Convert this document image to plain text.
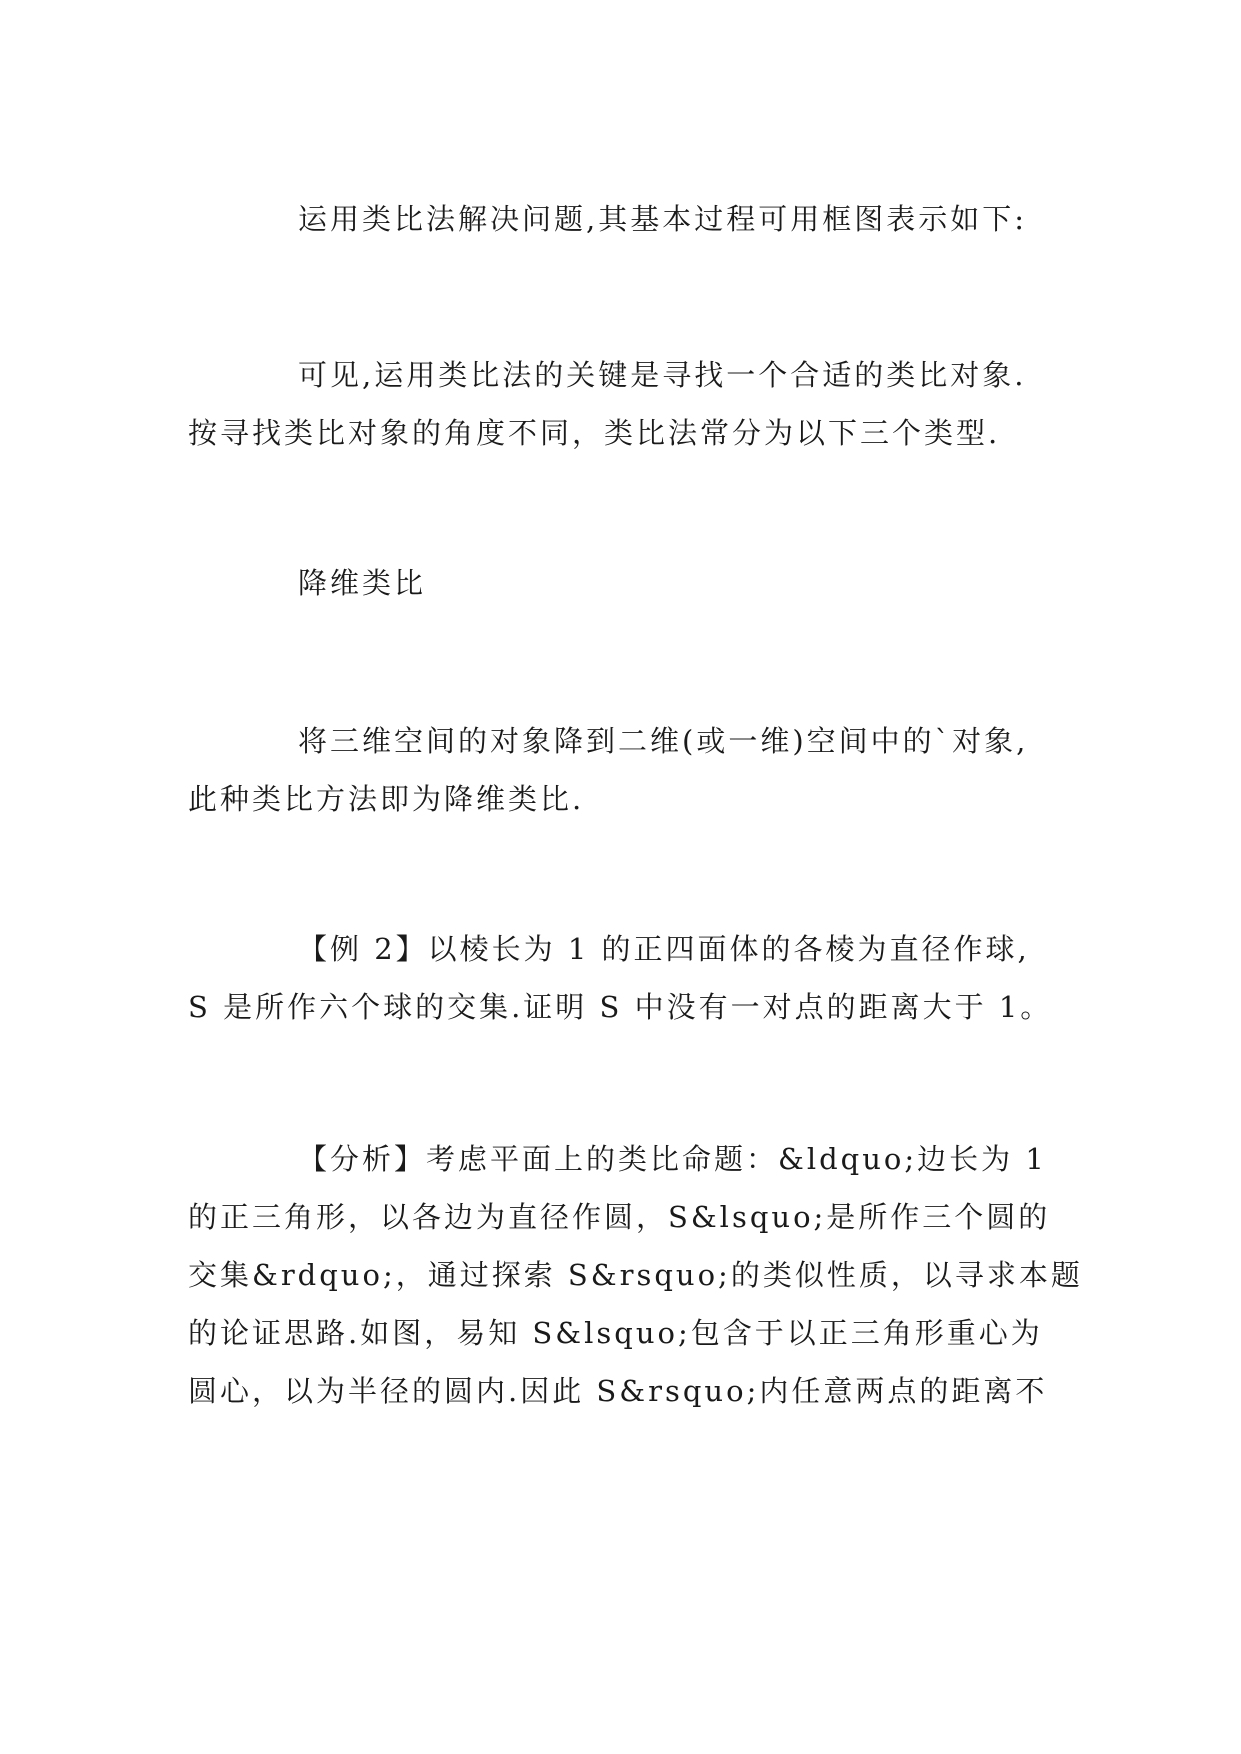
运用类比法解决问题,其基本过程可用框图表示如下:

可见,运用类比法的关键是寻找一个合适的类比对象.
按寻找类比对象的角度不同，类比法常分为以下三个类型.

降维类比

将三维空间的对象降到二维(或一维)空间中的`对象,
此种类比方法即为降维类比.

【例 2】以棱长为 1 的正四面体的各棱为直径作球,
S 是所作六个球的交集.证明 S 中没有一对点的距离大于 1。

【分析】考虑平面上的类比命题：&ldquo;边长为 1
的正三角形，以各边为直径作圆，S&lsquo;是所作三个圆的
交集&rdquo;，通过探索 S&rsquo;的类似性质，以寻求本题
的论证思路.如图，易知 S&lsquo;包含于以正三角形重心为
圆心，以为半径的圆内.因此 S&rsquo;内任意两点的距离不
